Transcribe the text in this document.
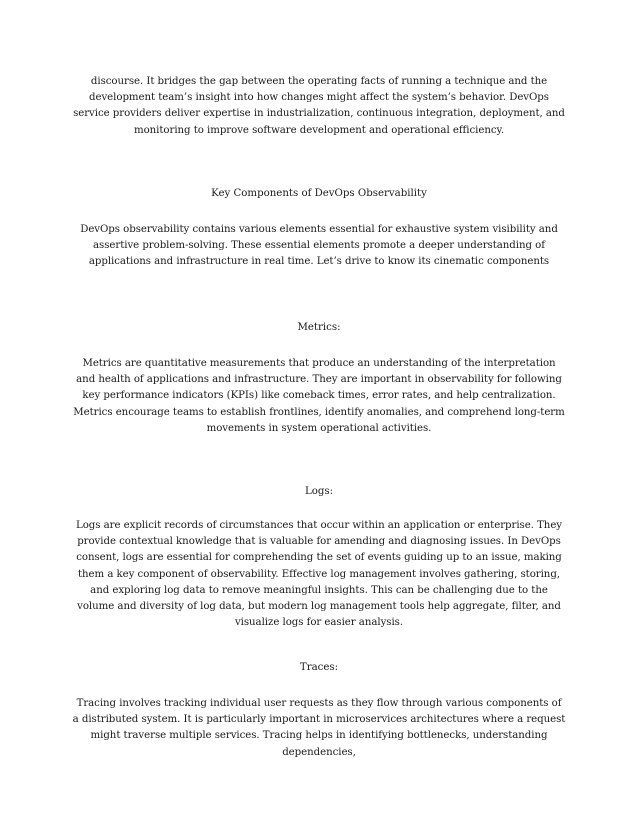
discourse. It bridges the gap between the operating facts of running a technique and the development team’s insight into how changes might affect the system’s behavior. DevOps service providers deliver expertise in industrialization, continuous integration, deployment, and monitoring to improve software development and operational efficiency.

Key Components of DevOps Observability

DevOps observability contains various elements essential for exhaustive system visibility and assertive problem-solving. These essential elements promote a deeper understanding of applications and infrastructure in real time. Let’s drive to know its cinematic components

Metrics:

Metrics are quantitative measurements that produce an understanding of the interpretation and health of applications and infrastructure. They are important in observability for following key performance indicators (KPIs) like comeback times, error rates, and help centralization. Metrics encourage teams to establish frontlines, identify anomalies, and comprehend long-term movements in system operational activities.

Logs:

Logs are explicit records of circumstances that occur within an application or enterprise. They provide contextual knowledge that is valuable for amending and diagnosing issues. In DevOps consent, logs are essential for comprehending the set of events guiding up to an issue, making them a key component of observability. Effective log management involves gathering, storing, and exploring log data to remove meaningful insights. This can be challenging due to the volume and diversity of log data, but modern log management tools help aggregate, filter, and visualize logs for easier analysis.

Traces:

Tracing involves tracking individual user requests as they flow through various components of a distributed system. It is particularly important in microservices architectures where a request might traverse multiple services. Tracing helps in identifying bottlenecks, understanding dependencies,
